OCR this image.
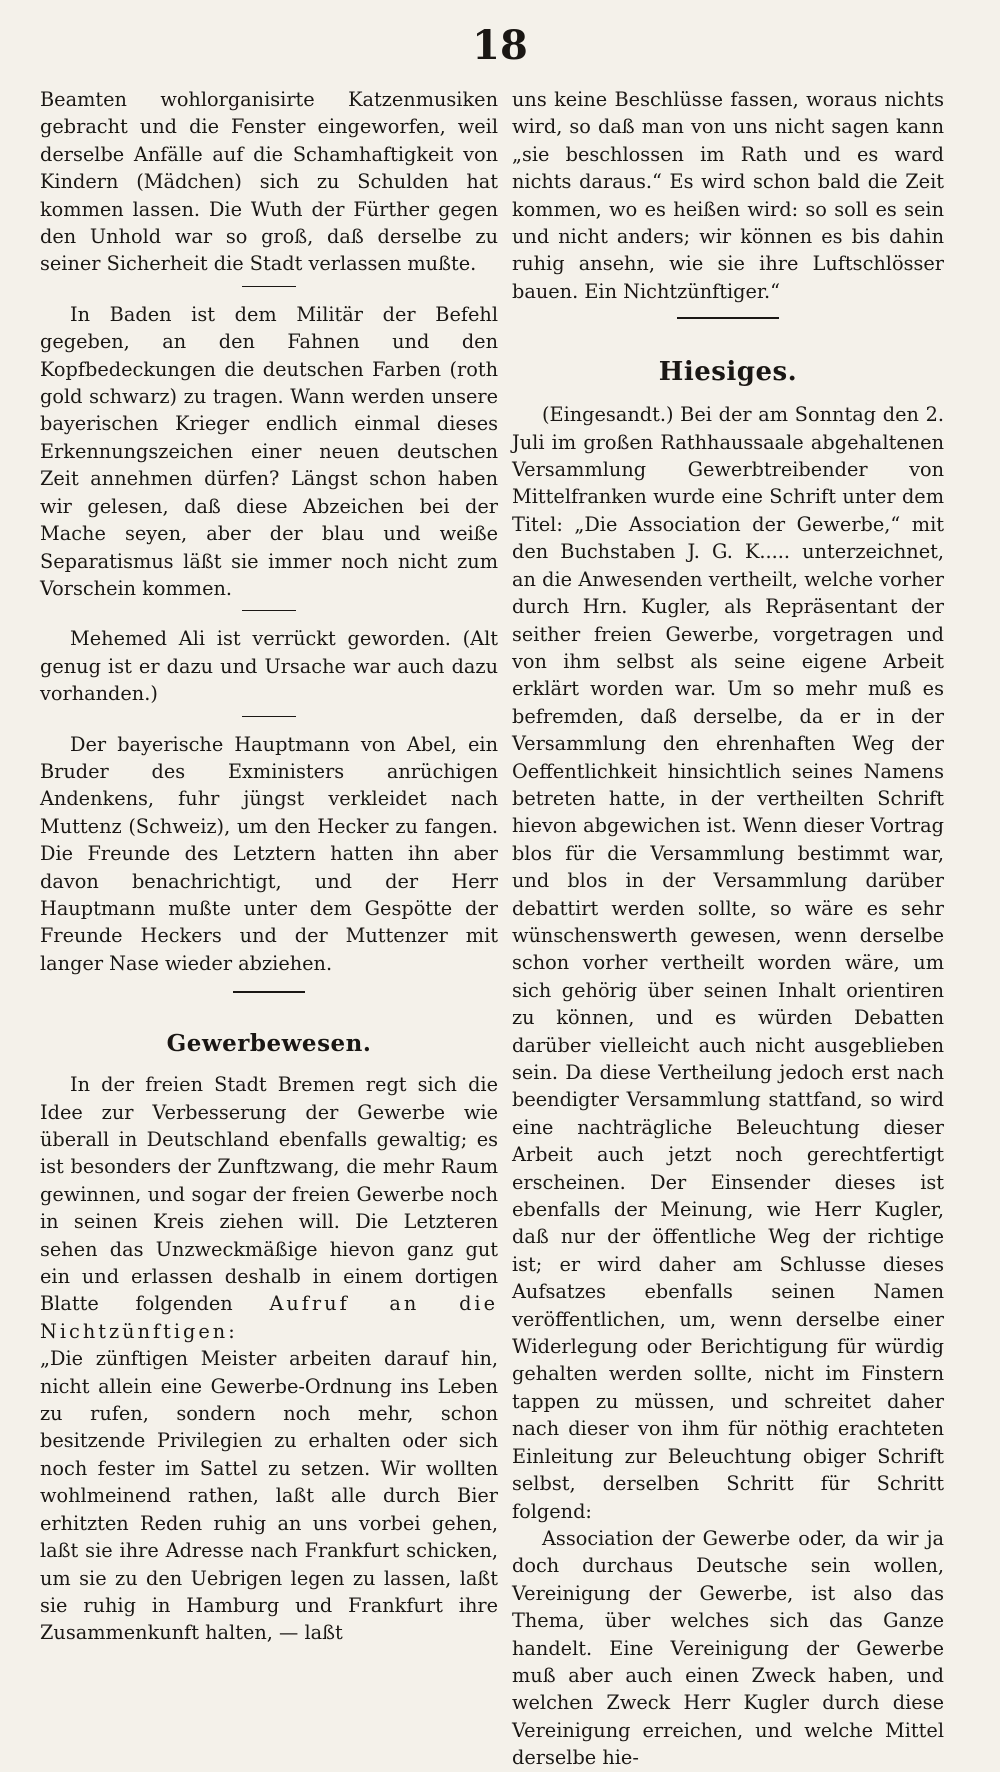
18

Beamten wohlorganisirte Katzenmusiken gebracht und die Fenster eingeworfen, weil derselbe Anfälle auf die Schamhaftigkeit von Kindern (Mädchen) sich zu Schulden hat kommen lassen. Die Wuth der Fürther gegen den Unhold war so groß, daß derselbe zu seiner Sicherheit die Stadt verlassen mußte.

In Baden ist dem Militär der Befehl gegeben, an den Fahnen und den Kopfbedeckungen die deutschen Farben (roth gold schwarz) zu tragen. Wann werden unsere bayerischen Krieger endlich einmal dieses Erkennungszeichen einer neuen deutschen Zeit annehmen dürfen? Längst schon haben wir gelesen, daß diese Abzeichen bei der Mache seyen, aber der blau und weiße Separatismus läßt sie immer noch nicht zum Vorschein kommen.

Mehemed Ali ist verrückt geworden. (Alt genug ist er dazu und Ursache war auch dazu vorhanden.)

Der bayerische Hauptmann von Abel, ein Bruder des Exministers anrüchigen Andenkens, fuhr jüngst verkleidet nach Muttenz (Schweiz), um den Hecker zu fangen. Die Freunde des Letztern hatten ihn aber davon benachrichtigt, und der Herr Hauptmann mußte unter dem Gespötte der Freunde Heckers und der Muttenzer mit langer Nase wieder abziehen.

Gewerbewesen.

In der freien Stadt Bremen regt sich die Idee zur Verbesserung der Gewerbe wie überall in Deutschland ebenfalls gewaltig; es ist besonders der Zunftzwang, die mehr Raum gewinnen, und sogar der freien Gewerbe noch in seinen Kreis ziehen will. Die Letzteren sehen das Unzweckmäßige hievon ganz gut ein und erlassen deshalb in einem dortigen Blatte folgenden Aufruf an die Nichtzünftigen:

„Die zünftigen Meister arbeiten darauf hin, nicht allein eine Gewerbe-Ordnung ins Leben zu rufen, sondern noch mehr, schon besitzende Privilegien zu erhalten oder sich noch fester im Sattel zu setzen. Wir wollten wohlmeinend rathen, laßt alle durch Bier erhitzten Reden ruhig an uns vorbei gehen, laßt sie ihre Adresse nach Frankfurt schicken, um sie zu den Uebrigen legen zu lassen, laßt sie ruhig in Hamburg und Frankfurt ihre Zusammenkunft halten, — laßt

uns keine Beschlüsse fassen, woraus nichts wird, so daß man von uns nicht sagen kann „sie beschlossen im Rath und es ward nichts daraus.“ Es wird schon bald die Zeit kommen, wo es heißen wird: so soll es sein und nicht anders; wir können es bis dahin ruhig ansehn, wie sie ihre Luftschlösser bauen. Ein Nichtzünftiger.“

Hiesiges.

(Eingesandt.) Bei der am Sonntag den 2. Juli im großen Rathhaussaale abgehaltenen Versammlung Gewerbtreibender von Mittelfranken wurde eine Schrift unter dem Titel: „Die Association der Gewerbe,“ mit den Buchstaben J. G. K..... unterzeichnet, an die Anwesenden vertheilt, welche vorher durch Hrn. Kugler, als Repräsentant der seither freien Gewerbe, vorgetragen und von ihm selbst als seine eigene Arbeit erklärt worden war. Um so mehr muß es befremden, daß derselbe, da er in der Versammlung den ehrenhaften Weg der Oeffentlichkeit hinsichtlich seines Namens betreten hatte, in der vertheilten Schrift hievon abgewichen ist. Wenn dieser Vortrag blos für die Versammlung bestimmt war, und blos in der Versammlung darüber debattirt werden sollte, so wäre es sehr wünschenswerth gewesen, wenn derselbe schon vorher vertheilt worden wäre, um sich gehörig über seinen Inhalt orientiren zu können, und es würden Debatten darüber vielleicht auch nicht ausgeblieben sein. Da diese Vertheilung jedoch erst nach beendigter Versammlung stattfand, so wird eine nachträgliche Beleuchtung dieser Arbeit auch jetzt noch gerechtfertigt erscheinen. Der Einsender dieses ist ebenfalls der Meinung, wie Herr Kugler, daß nur der öffentliche Weg der richtige ist; er wird daher am Schlusse dieses Aufsatzes ebenfalls seinen Namen veröffentlichen, um, wenn derselbe einer Widerlegung oder Berichtigung für würdig gehalten werden sollte, nicht im Finstern tappen zu müssen, und schreitet daher nach dieser von ihm für nöthig erachteten Einleitung zur Beleuchtung obiger Schrift selbst, derselben Schritt für Schritt folgend:

Association der Gewerbe oder, da wir ja doch durchaus Deutsche sein wollen, Vereinigung der Gewerbe, ist also das Thema, über welches sich das Ganze handelt. Eine Vereinigung der Gewerbe muß aber auch einen Zweck haben, und welchen Zweck Herr Kugler durch diese Vereinigung erreichen, und welche Mittel derselbe hie-
